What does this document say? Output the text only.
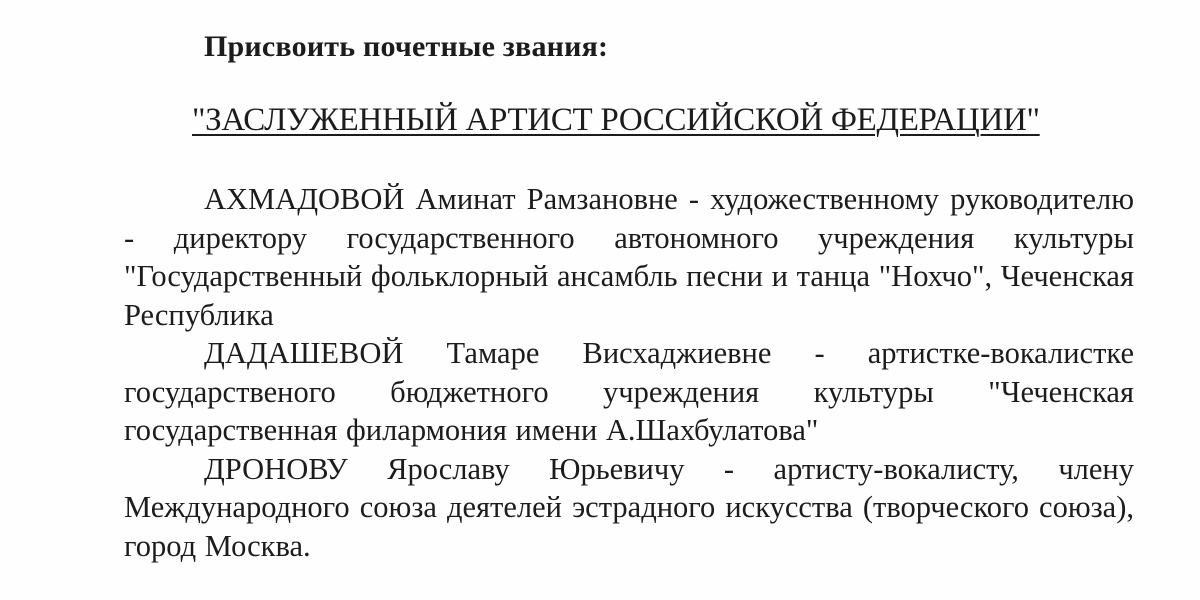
Присвоить почетные звания:
"ЗАСЛУЖЕННЫЙ АРТИСТ РОССИЙСКОЙ ФЕДЕРАЦИИ"

АХМАДОВОЙ Аминат Рамзановне - художественному руководителю - директору государственного автономного учреждения культуры "Государственный фольклорный ансамбль песни и танца "Нохчо", Чеченская Республика

ДАДАШЕВОЙ Тамаре Висхаджиевне - артистке-вокалистке государственого бюджетного учреждения культуры "Чеченская государственная филармония имени А.Шахбулатова"

ДРОНОВУ Ярославу Юрьевичу - артисту-вокалисту, члену Международного союза деятелей эстрадного искусства (творческого союза), город Москва.
